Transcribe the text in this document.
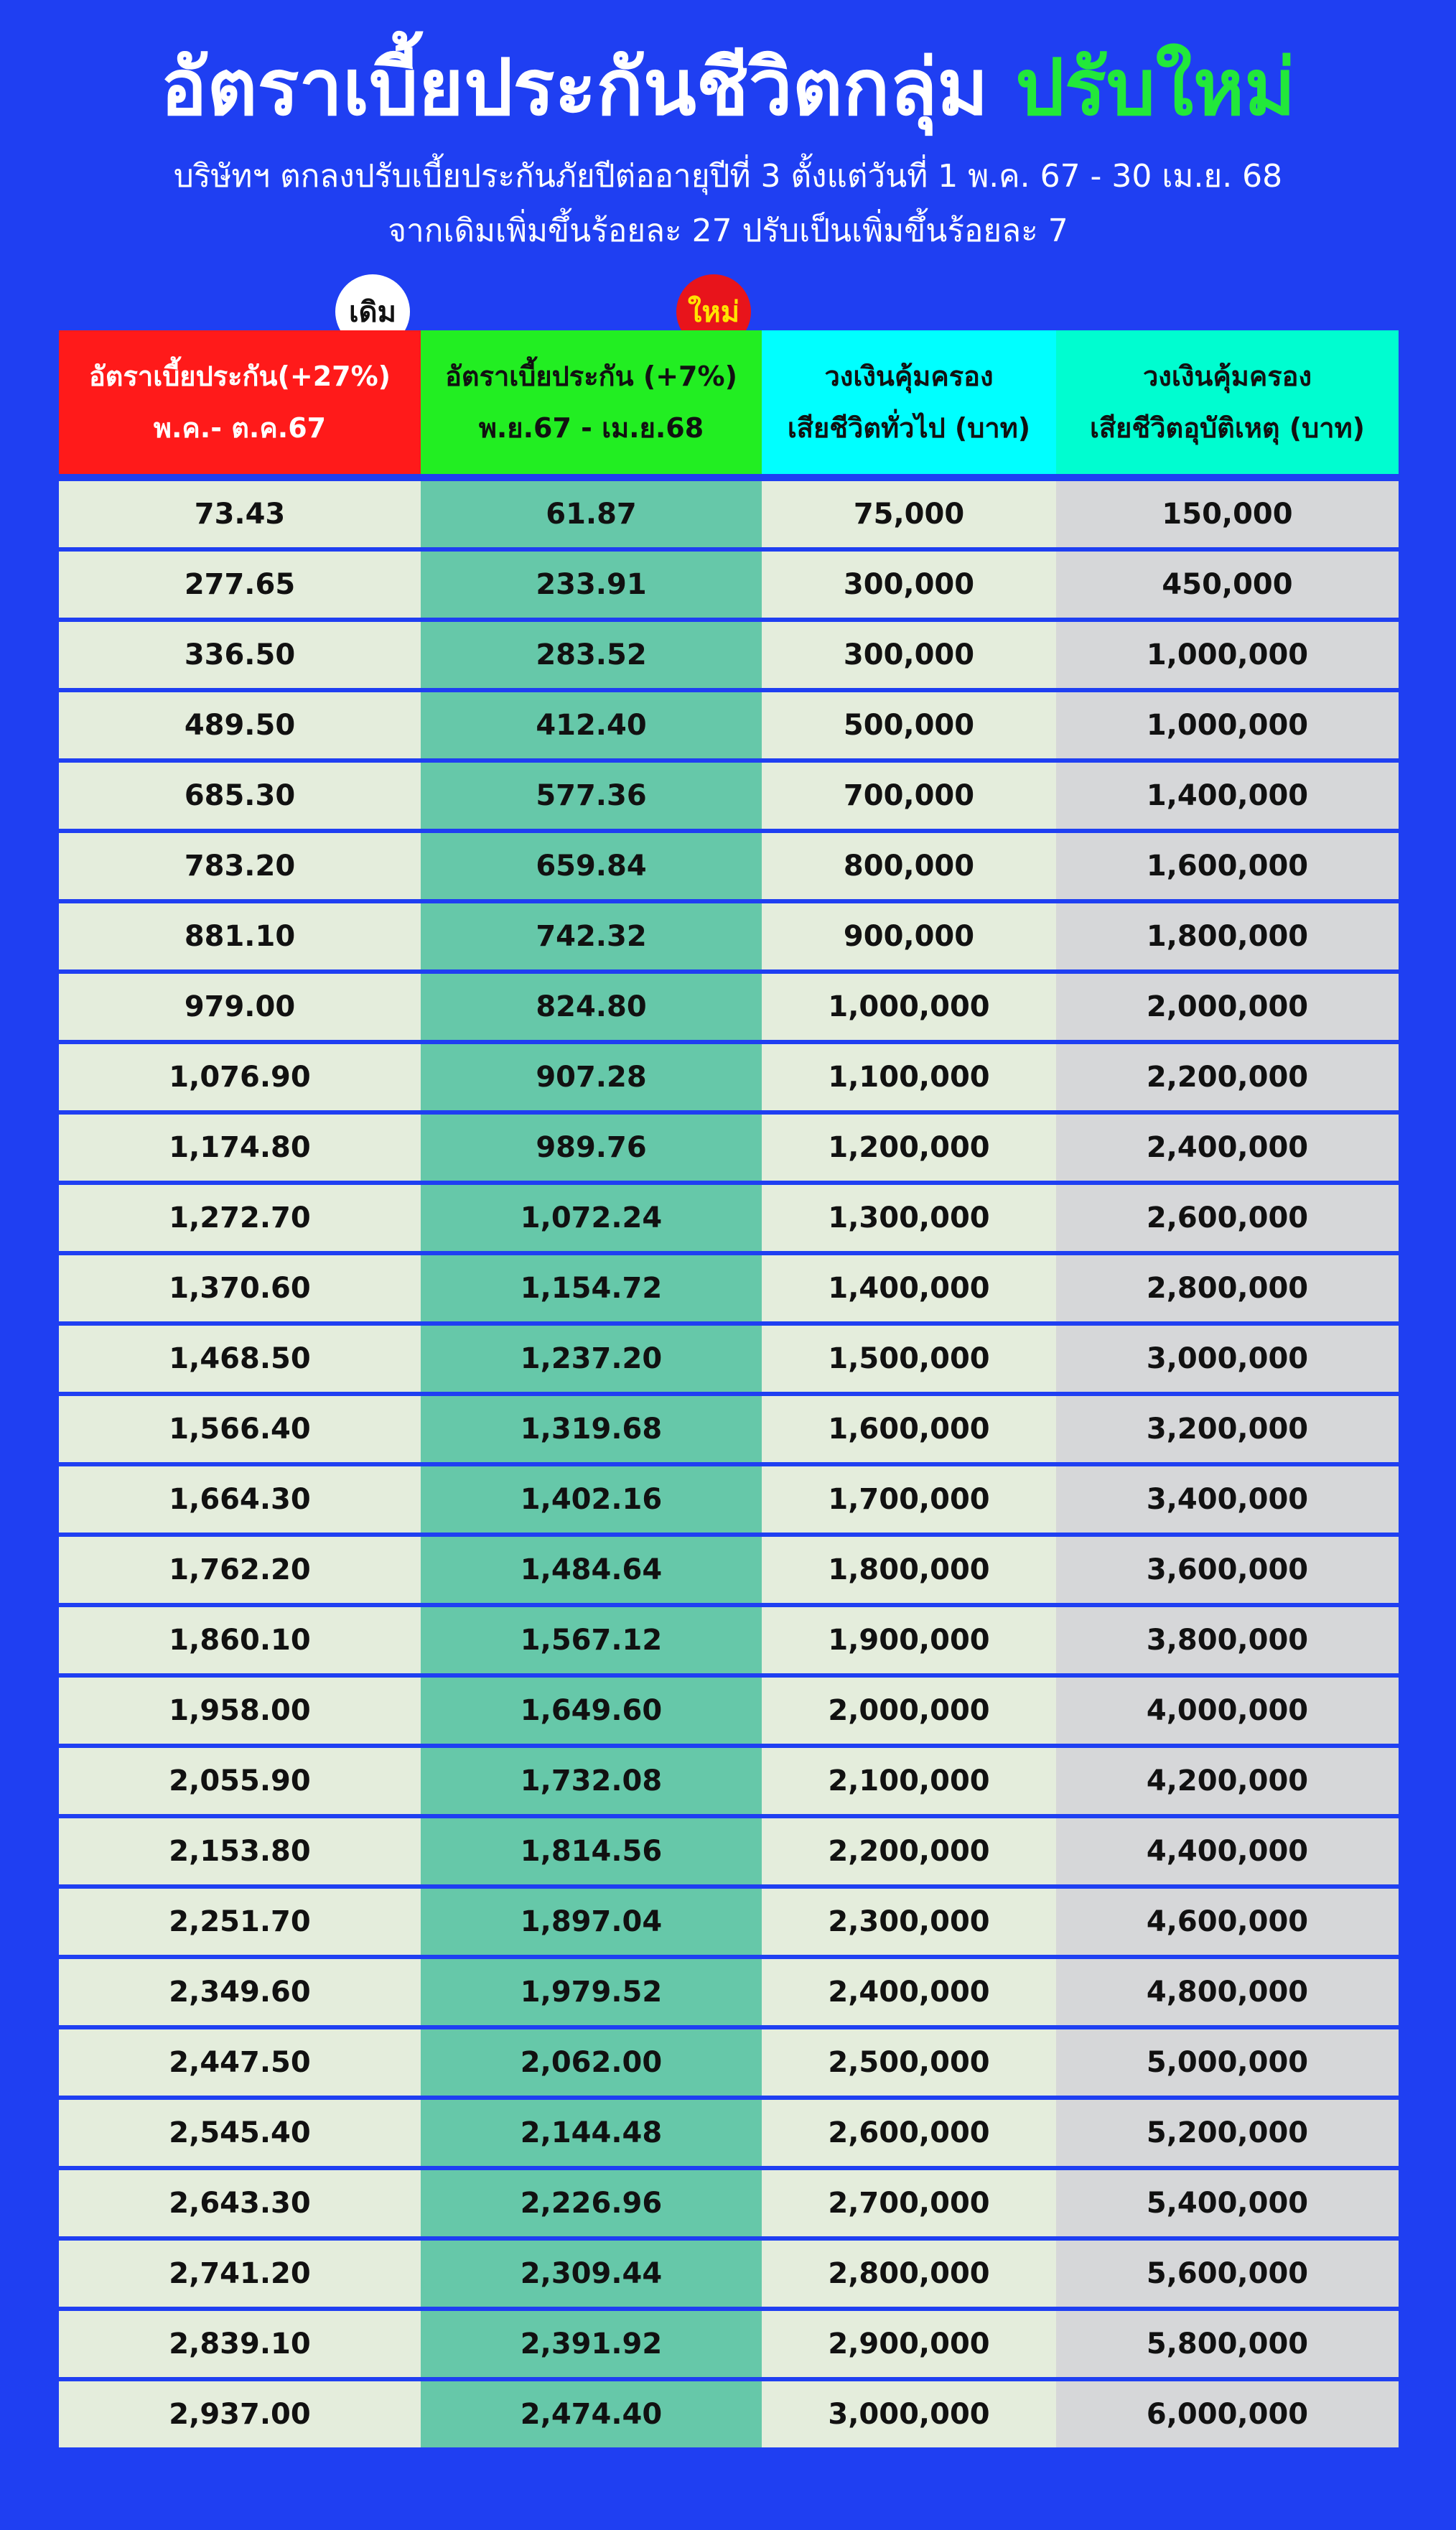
อัตราเบี้ยประกันชีวิตกลุ่ม ปรับใหม่
บริษัทฯ ตกลงปรับเบี้ยประกันภัยปีต่ออายุปีที่ 3 ตั้งแต่วันที่ 1 พ.ค. 67 - 30 เม.ย. 68
จากเดิมเพิ่มขึ้นร้อยละ 27 ปรับเป็นเพิ่มขึ้นร้อยละ 7
เดิม	ใหม่
อัตราเบี้ยประกัน(+27%)
พ.ค.- ต.ค.67
อัตราเบี้ยประกัน (+7%)
พ.ย.67 - เม.ย.68
วงเงินคุ้มครอง
เสียชีวิตทั่วไป (บาท)
วงเงินคุ้มครอง
เสียชีวิตอุบัติเหตุ (บาท)
73.43	61.87	75,000	150,000
277.65	233.91	300,000	450,000
336.50	283.52	300,000	1,000,000
489.50	412.40	500,000	1,000,000
685.30	577.36	700,000	1,400,000
783.20	659.84	800,000	1,600,000
881.10	742.32	900,000	1,800,000
979.00	824.80	1,000,000	2,000,000
1,076.90	907.28	1,100,000	2,200,000
1,174.80	989.76	1,200,000	2,400,000
1,272.70	1,072.24	1,300,000	2,600,000
1,370.60	1,154.72	1,400,000	2,800,000
1,468.50	1,237.20	1,500,000	3,000,000
1,566.40	1,319.68	1,600,000	3,200,000
1,664.30	1,402.16	1,700,000	3,400,000
1,762.20	1,484.64	1,800,000	3,600,000
1,860.10	1,567.12	1,900,000	3,800,000
1,958.00	1,649.60	2,000,000	4,000,000
2,055.90	1,732.08	2,100,000	4,200,000
2,153.80	1,814.56	2,200,000	4,400,000
2,251.70	1,897.04	2,300,000	4,600,000
2,349.60	1,979.52	2,400,000	4,800,000
2,447.50	2,062.00	2,500,000	5,000,000
2,545.40	2,144.48	2,600,000	5,200,000
2,643.30	2,226.96	2,700,000	5,400,000
2,741.20	2,309.44	2,800,000	5,600,000
2,839.10	2,391.92	2,900,000	5,800,000
2,937.00	2,474.40	3,000,000	6,000,000
